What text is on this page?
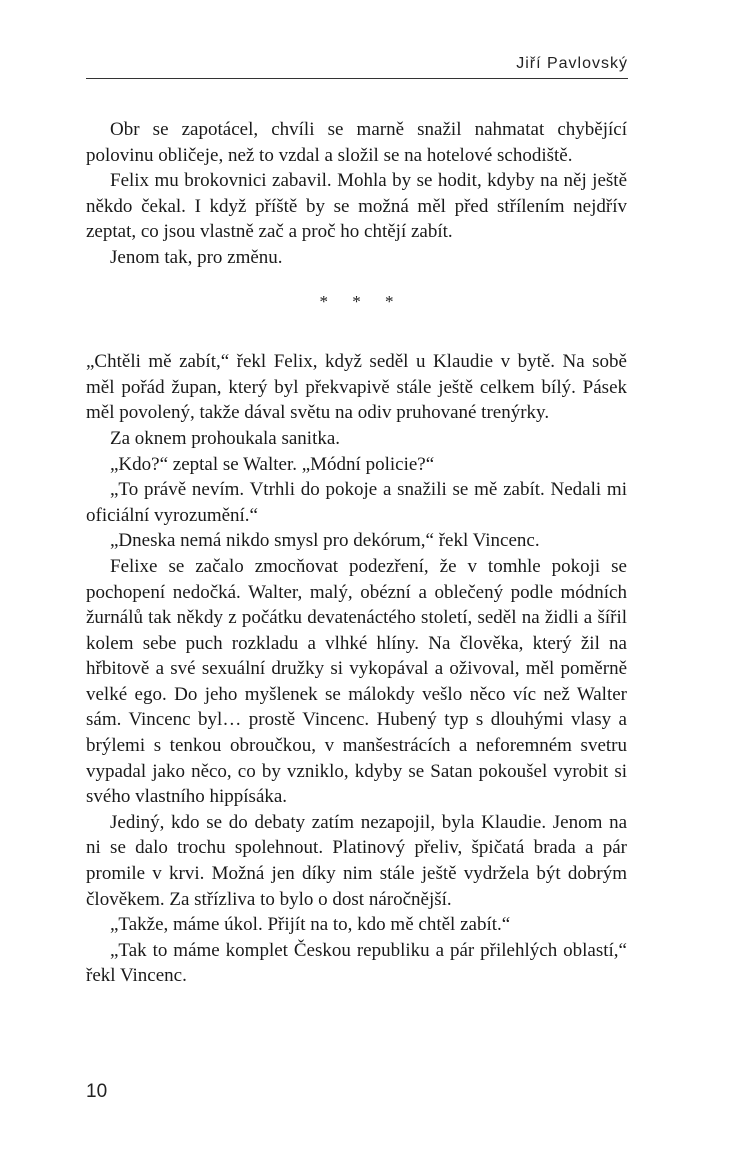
Jiří Pavlovský

Obr se zapotácel, chvíli se marně snažil nahmatat chybějící polovinu obličeje, než to vzdal a složil se na hotelové schodiště.

Felix mu brokovnici zabavil. Mohla by se hodit, kdyby na něj ještě někdo čekal. I když příště by se možná měl před střílením nejdřív zeptat, co jsou vlastně zač a proč ho chtějí zabít.

Jenom tak, pro změnu.

* * *

„Chtěli mě zabít,“ řekl Felix, když seděl u Klaudie v bytě. Na sobě měl pořád župan, který byl překvapivě stále ještě celkem bílý. Pásek měl povolený, takže dával světu na odiv pruhované trenýrky.

Za oknem prohoukala sanitka.

„Kdo?“ zeptal se Walter. „Módní policie?“

„To právě nevím. Vtrhli do pokoje a snažili se mě zabít. Nedali mi oficiální vyrozumění.“

„Dneska nemá nikdo smysl pro dekórum,“ řekl Vincenc.

Felixe se začalo zmocňovat podezření, že v tomhle pokoji se pochopení nedočká. Walter, malý, obézní a oblečený podle módních žurnálů tak někdy z počátku devatenáctého století, seděl na židli a šířil kolem sebe puch rozkladu a vlhké hlíny. Na člověka, který žil na hřbitově a své sexuální družky si vykopával a oživoval, měl poměrně velké ego. Do jeho myšlenek se málokdy vešlo něco víc než Walter sám. Vincenc byl… prostě Vincenc. Hubený typ s dlouhými vlasy a brýlemi s tenkou obroučkou, v manšestrácích a neforemném svetru vypadal jako něco, co by vzniklo, kdyby se Satan pokoušel vyrobit si svého vlastního hippísáka.

Jediný, kdo se do debaty zatím nezapojil, byla Klaudie. Jenom na ni se dalo trochu spolehnout. Platinový přeliv, špičatá brada a pár promile v krvi. Možná jen díky nim stále ještě vydržela být dobrým člověkem. Za střízliva to bylo o dost náročnější.

„Takže, máme úkol. Přijít na to, kdo mě chtěl zabít.“

„Tak to máme komplet Českou republiku a pár přilehlých oblastí,“ řekl Vincenc.

10
